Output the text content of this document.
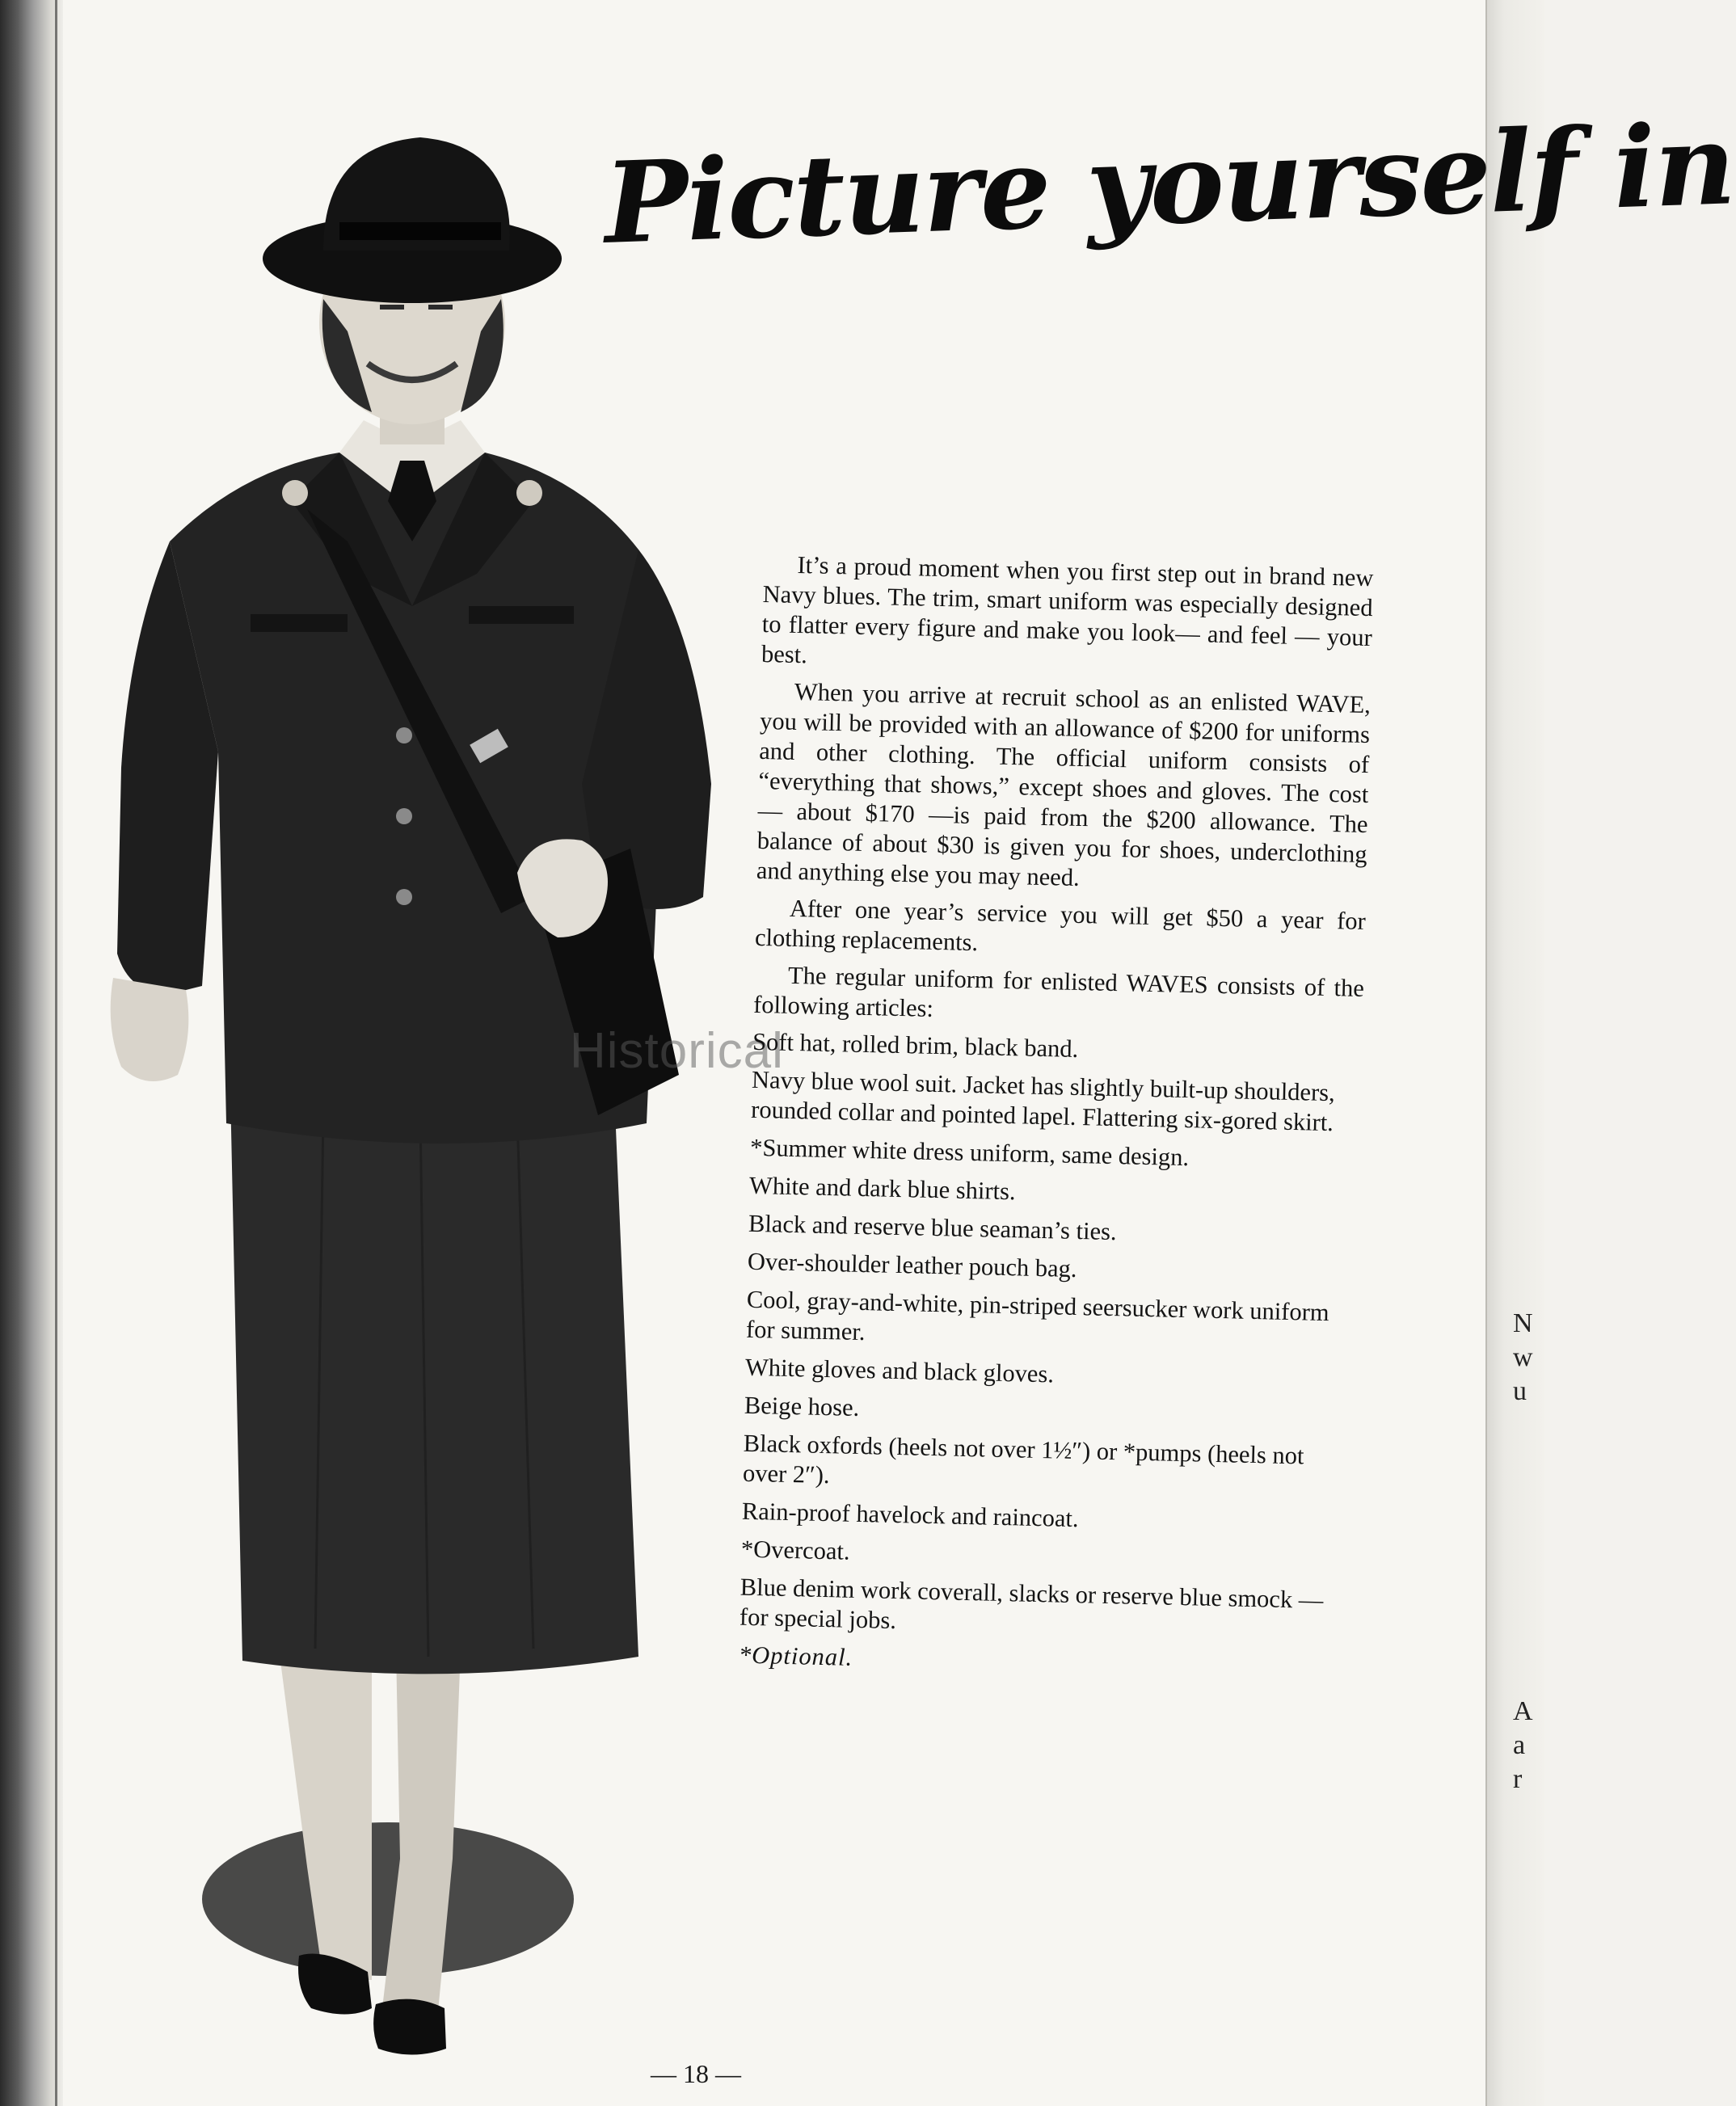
N
w
u
A
a
r
Picture yourself in
Historical

It’s a proud moment when you first step out in brand new Navy blues. The trim, smart uniform was especially designed to flatter every figure and make you look— and feel — your best.

When you arrive at recruit school as an enlisted WAVE, you will be provided with an allowance of $200 for uniforms and other clothing. The official uniform consists of “everything that shows,” except shoes and gloves. The cost — about $170 —is paid from the $200 allowance. The balance of about $30 is given you for shoes, underclothing and anything else you may need.

After one year’s service you will get $50 a year for clothing replacements.

The regular uniform for enlisted WAVES consists of the following articles:

Soft hat, rolled brim, black band.

Navy blue wool suit. Jacket has slightly built-up shoulders, rounded collar and pointed lapel. Flattering six-gored skirt.

*Summer white dress uniform, same design.

White and dark blue shirts.

Black and reserve blue seaman’s ties.

Over-shoulder leather pouch bag.

Cool, gray-and-white, pin-striped seersucker work uniform for summer.

White gloves and black gloves.

Beige hose.

Black oxfords (heels not over 1½″) or *pumps (heels not over 2″).

Rain-proof havelock and raincoat.

*Overcoat.

Blue denim work coverall, slacks or reserve blue smock — for special jobs.

*Optional.

— 18 —
